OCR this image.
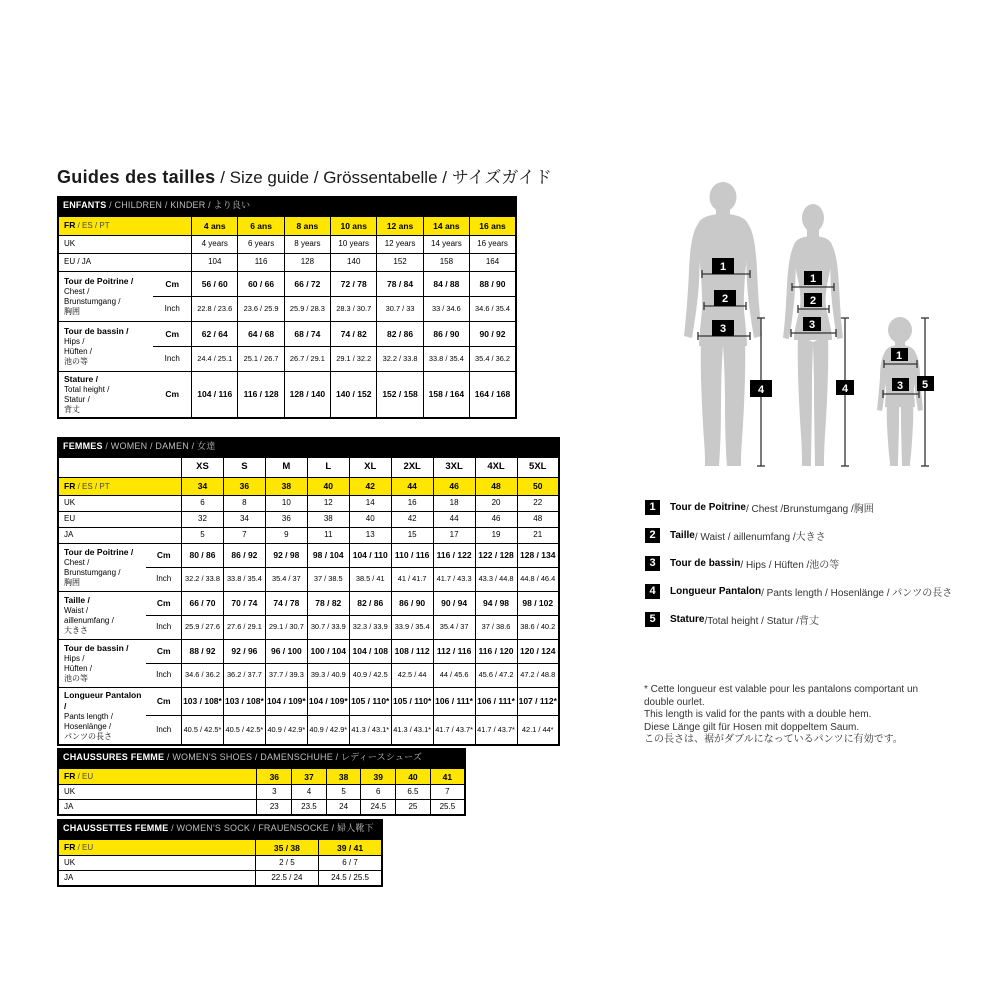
Guides des tailles / Size guide / Grössentabelle / サイズガイド
ENFANTS / CHILDREN / KINDER / より良い
FR / ES / PT		4 ans	6 ans	8 ans	10 ans	12 ans	14 ans	16 ans

UK		4 years	6 years	8 years	10 years	12 years	14 years	16 years

EU / JA		104	116	128	140	152	158	164

Tour de Poitrine /
Chest /
Brunstumgang /
胸囲	Cm	56 / 60	60 / 66	66 / 72	72 / 78	78 / 84	84 / 88	88 / 90
	Inch	22.8 / 23.6	23.6 / 25.9	25.9 / 28.3	28.3 / 30.7	30.7 / 33	33 / 34.6	34.6 / 35.4

Tour de bassin /
Hips /
Hüften /
池の等	Cm	62 / 64	64 / 68	68 / 74	74 / 82	82 / 86	86 / 90	90 / 92
	Inch	24.4 / 25.1	25.1 / 26.7	26.7 / 29.1	29.1 / 32.2	32.2 / 33.8	33.8 / 35.4	35.4 / 36.2

Stature /
Total height /
Statur /
背丈	Cm	104 / 116	116 / 128	128 / 140	140 / 152	152 / 158	158 / 164	164 / 168
FEMMES / WOMEN / DAMEN / 女達
		XS	S	M	L	XL	2XL	3XL	4XL	5XL

FR / ES / PT		34	36	38	40	42	44	46	48	50

UK		6	8	10	12	14	16	18	20	22

EU		32	34	36	38	40	42	44	46	48

JA		5	7	9	11	13	15	17	19	21

Tour de Poitrine /
Chest /
Brunstumgang /
胸囲	Cm	80 / 86	86 / 92	92 / 98	98 / 104	104 / 110	110 / 116	116 / 122	122 / 128	128 / 134
	Inch	32.2 / 33.8	33.8 / 35.4	35.4 / 37	37 / 38.5	38.5 / 41	41 / 41.7	41.7 / 43.3	43.3 / 44.8	44.8 / 46.4

Taille /
Waist /
aillenumfang /
大きさ	Cm	66 / 70	70 / 74	74 / 78	78 / 82	82 / 86	86 / 90	90 / 94	94 / 98	98 / 102
	Inch	25.9 / 27.6	27.6 / 29.1	29.1 / 30.7	30.7 / 33.9	32.3 / 33.9	33.9 / 35.4	35.4 / 37	37 / 38.6	38.6 / 40.2

Tour de bassin /
Hips /
Hüften /
池の等	Cm	88 / 92	92 / 96	96 / 100	100 / 104	104 / 108	108 / 112	112 / 116	116 / 120	120 / 124
	Inch	34.6 / 36.2	36.2 / 37.7	37.7 / 39.3	39.3 / 40.9	40.9 / 42.5	42.5 / 44	44 / 45.6	45.6 / 47.2	47.2 / 48.8

Longueur Pantalon /
Pants length /
Hosenlänge /
パンツの長さ	Cm	103 / 108*	103 / 108*	104 / 109*	104 / 109*	105 / 110*	105 / 110*	106 / 111*	106 / 111*	107 / 112*
	Inch	40.5 / 42.5*	40.5 / 42.5*	40.9 / 42.9*	40.9 / 42.9*	41.3 / 43.1*	41.3 / 43.1*	41.7 / 43.7*	41.7 / 43.7*	42.1 / 44*
CHAUSSURES FEMME / WOMEN'S SHOES / DAMENSCHUHE / レディースシューズ
FR / EU	36	37	38	39	40	41

UK	3	4	5	6	6.5	7

JA	23	23.5	24	24.5	25	25.5
CHAUSSETTES FEMME / WOMEN'S SOCK / FRAUENSOCKE / 婦人靴下
FR / EU	35 / 38	39 / 41

UK	2 / 5	6 / 7

JA	22.5 / 24	24.5 / 25.5
1
2
3
4
1
2
3
4
1
3 5
1	Tour de Poitrine / Chest /Brunstumgang /胸囲
2	Taille / Waist / aillenumfang /大きさ
3	Tour de bassin / Hips / Hüften /池の等
4	Longueur Pantalon / Pants length / Hosenlänge / パンツの長さ
5	Stature /Total height / Statur /背丈
* Cette longueur est valable pour les pantalons comportant un
double ourlet.
This length is valid for the pants with a double hem.
Diese Länge gilt für Hosen mit doppeltem Saum.
この長さは、裾がダブルになっているパンツに有効です。
